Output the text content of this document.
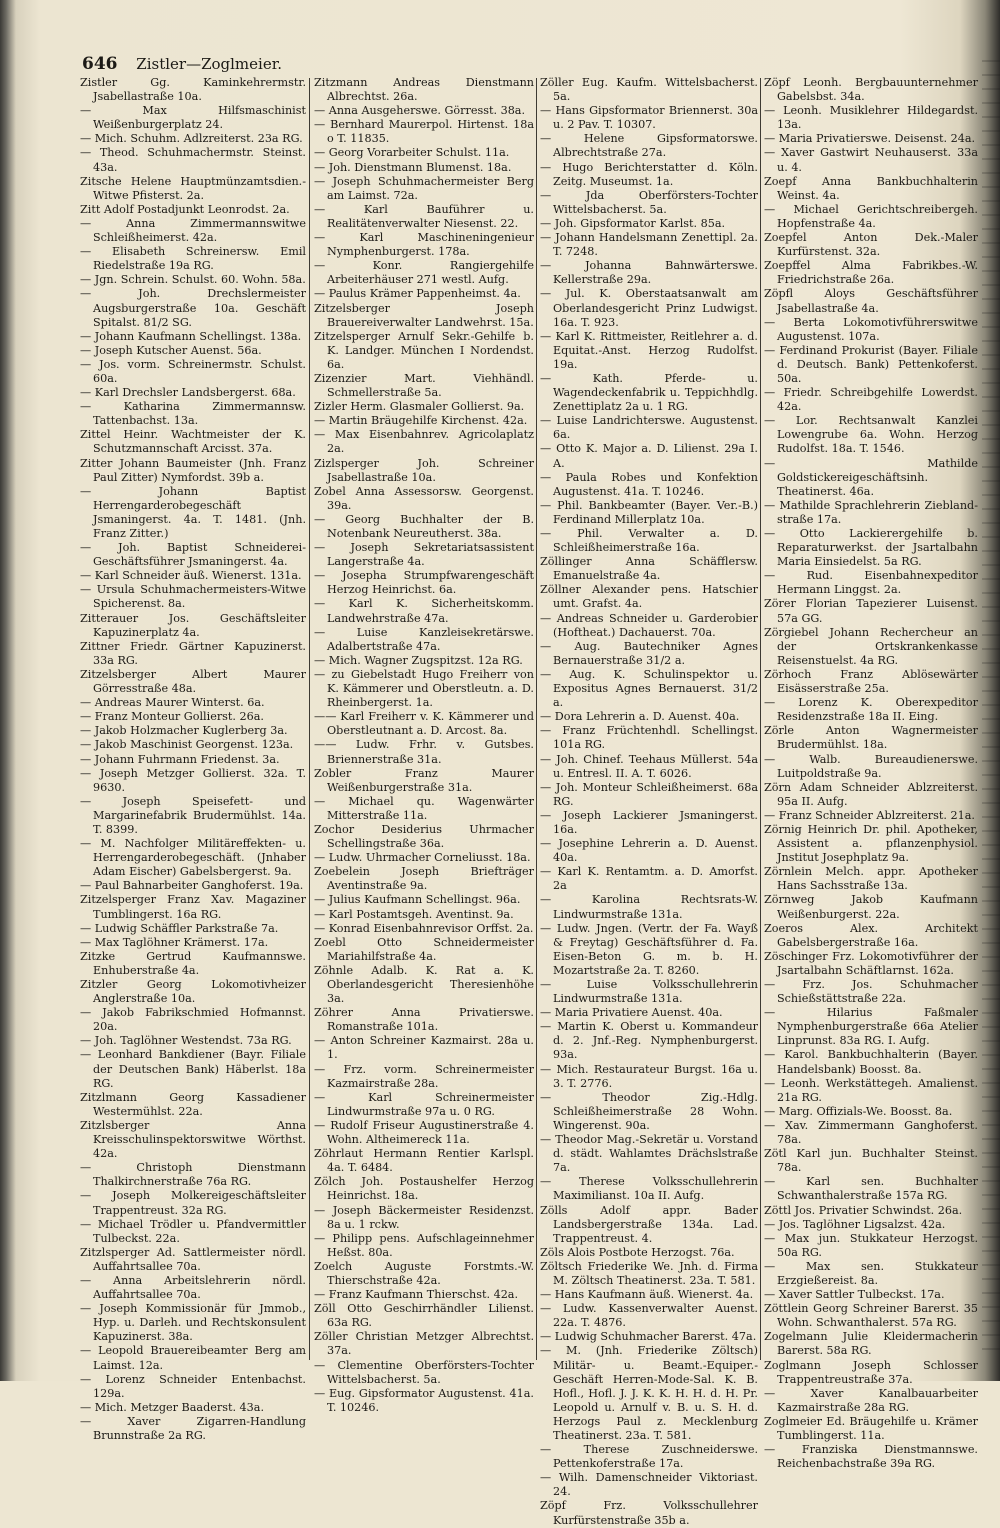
646 Zistler—Zoglmeier.
Zistler Gg. Kaminkehrermstr. Jsabellastraße 10a.
— Max Hilfsmaschinist Weißenburgerplatz 24.
— Mich. Schuhm. Adlzreiterst. 23a RG.
— Theod. Schuhmachermstr. Steinst. 43a.
Zitsche Helene Hauptmünzamtsdien.-Witwe Pfisterst. 2a.
Zitt Adolf Postadjunkt Leonrodst. 2a.
— Anna Zimmermannswitwe Schleißheimerst. 42a.
— Elisabeth Schreinersw. Emil Riedelstraße 19a RG.
— Jgn. Schrein. Schulst. 60. Wohn. 58a.
— Joh. Drechslermeister Augsburgerstraße 10a. Geschäft Spitalst. 81/2 SG.
— Johann Kaufmann Schellingst. 138a.
— Joseph Kutscher Auenst. 56a.
— Jos. vorm. Schreinermstr. Schulst. 60a.
— Karl Drechsler Landsbergerst. 68a.
— Katharina Zimmermannsw. Tattenbachst. 13a.
Zittel Heinr. Wachtmeister der K. Schutzmannschaft Arcisst. 37a.
Zitter Johann Baumeister (Jnh. Franz Paul Zitter) Nymfordst. 39b a.
— Johann Baptist Herrengarderobegeschäft Jsmaningerst. 4a. T. 1481. (Jnh. Franz Zitter.)
— Joh. Baptist Schneiderei-Geschäftsführer Jsmaningerst. 4a.
— Karl Schneider äuß. Wienerst. 131a.
— Ursula Schuhmachermeisters-Witwe Spicherenst. 8a.
Zitterauer Jos. Geschäftsleiter Kapuzinerplatz 4a.
Zittner Friedr. Gärtner Kapuzinerst. 33a RG.
Zitzelsberger Albert Maurer Görresstraße 48a.
— Andreas Maurer Winterst. 6a.
— Franz Monteur Gollierst. 26a.
— Jakob Holzmacher Kuglerberg 3a.
— Jakob Maschinist Georgenst. 123a.
— Johann Fuhrmann Friedenst. 3a.
— Joseph Metzger Gollierst. 32a. T. 9630.
— Joseph Speisefett- und Margarinefabrik Brudermühlst. 14a. T. 8399.
— M. Nachfolger Militäreffekten- u. Herrengarderobegeschäft. (Jnhaber Adam Eischer) Gabelsbergerst. 9a.
— Paul Bahnarbeiter Ganghoferst. 19a.
Zitzelsperger Franz Xav. Magaziner Tumblingerst. 16a RG.
— Ludwig Schäffler Parkstraße 7a.
— Max Taglöhner Krämerst. 17a.
Zitzke Gertrud Kaufmannswe. Enhuberstraße 4a.
Zitzler Georg Lokomotivheizer Anglerstraße 10a.
— Jakob Fabrikschmied Hofmannst. 20a.
— Joh. Taglöhner Westendst. 73a RG.
— Leonhard Bankdiener (Bayr. Filiale der Deutschen Bank) Häberlst. 18a RG.
Zitzlmann Georg Kassadiener Westermühlst. 22a.
Zitzlsberger Anna Kreisschulinspektorswitwe Wörthst. 42a.
— Christoph Dienstmann Thalkirchnerstraße 76a RG.
— Joseph Molkereigeschäftsleiter Trappentreust. 32a RG.
— Michael Trödler u. Pfandvermittler Tulbeckst. 22a.
Zitzlsperger Ad. Sattlermeister nördl. Auffahrtsallee 70a.
— Anna Arbeitslehrerin nördl. Auffahrtsallee 70a.
— Joseph Kommissionär für Jmmob., Hyp. u. Darleh. und Rechtskonsulent Kapuzinerst. 38a.
— Leopold Brauereibeamter Berg am Laimst. 12a.
— Lorenz Schneider Entenbachst. 129a.
— Mich. Metzger Baaderst. 43a.
— Xaver Zigarren-Handlung Brunnstraße 2a RG.
Zitzmann Andreas Dienstmann Albrechtst. 26a.
— Anna Ausgeherswe. Görresst. 38a.
— Bernhard Maurerpol. Hirtenst. 18a o T. 11835.
— Georg Vorarbeiter Schulst. 11a.
— Joh. Dienstmann Blumenst. 18a.
— Joseph Schuhmachermeister Berg am Laimst. 72a.
— Karl Bauführer u. Realitätenverwalter Niesenst. 22.
— Karl Maschineningenieur Nymphenburgerst. 178a.
— Konr. Rangiergehilfe Arbeiterhäuser 271 westl. Aufg.
— Paulus Krämer Pappenheimst. 4a.
Zitzelsberger Joseph Brauereiverwalter Landwehrst. 15a.
Zitzelsperger Arnulf Sekr.-Gehilfe b. K. Landger. München I Nordendst. 6a.
Zizenzier Mart. Viehhändl. Schmellerstraße 5a.
Zizler Herm. Glasmaler Gollierst. 9a.
— Martin Bräugehilfe Kirchenst. 42a.
— Max Eisenbahnrev. Agricolaplatz 2a.
Zizlsperger Joh. Schreiner Jsabellastraße 10a.
Zobel Anna Assessorsw. Georgenst. 39a.
— Georg Buchhalter der B. Notenbank Neureutherst. 38a.
— Joseph Sekretariatsassistent Langerstraße 4a.
— Josepha Strumpfwarengeschäft Herzog Heinrichst. 6a.
— Karl K. Sicherheitskomm. Landwehrstraße 47a.
— Luise Kanzleisekretärswe. Adalbertstraße 47a.
— Mich. Wagner Zugspitzst. 12a RG.
— zu Giebelstadt Hugo Freiherr von K. Kämmerer und Oberstleutn. a. D. Rheinbergerst. 1a.
—— Karl Freiherr v. K. Kämmerer und Oberstleutnant a. D. Arcost. 8a.
—— Ludw. Frhr. v. Gutsbes. Briennerstraße 31a.
Zobler Franz Maurer Weißenburgerstraße 31a.
— Michael qu. Wagenwärter Mitterstraße 11a.
Zochor Desiderius Uhrmacher Schellingstraße 36a.
— Ludw. Uhrmacher Corneliusst. 18a.
Zoebelein Joseph Briefträger Aventinstraße 9a.
— Julius Kaufmann Schellingst. 96a.
— Karl Postamtsgeh. Aventinst. 9a.
— Konrad Eisenbahnrevisor Orffst. 2a.
Zoebl Otto Schneidermeister Mariahilfstraße 4a.
Zöhnle Adalb. K. Rat a. K. Oberlandesgericht Theresienhöhe 3a.
Zöhrer Anna Privatierswe. Romanstraße 101a.
— Anton Schreiner Kazmairst. 28a u. 1.
— Frz. vorm. Schreinermeister Kazmairstraße 28a.
— Karl Schreinermeister Lindwurmstraße 97a u. 0 RG.
— Rudolf Friseur Augustinerstraße 4. Wohn. Altheimereck 11a.
Zöhrlaut Hermann Rentier Karlspl. 4a. T. 6484.
Zölch Joh. Postaushelfer Herzog Heinrichst. 18a.
— Joseph Bäckermeister Residenzst. 8a u. 1 rckw.
— Philipp pens. Aufschlageinnehmer Heßst. 80a.
Zoelch Auguste Forstmts.-W. Thierschstraße 42a.
— Franz Kaufmann Thierschst. 42a.
Zöll Otto Geschirrhändler Lilienst. 63a RG.
Zöller Christian Metzger Albrechtst. 37a.
— Clementine Oberförsters-Tochter Wittelsbacherst. 5a.
— Eug. Gipsformator Augustenst. 41a. T. 10246.
Zöller Eug. Kaufm. Wittelsbacherst. 5a.
— Hans Gipsformator Briennerst. 30a u. 2 Pav. T. 10307.
— Helene Gipsformatorswe. Albrechtstraße 27a.
— Hugo Berichterstatter d. Köln. Zeitg. Museumst. 1a.
— Jda Oberförsters-Tochter Wittelsbacherst. 5a.
— Joh. Gipsformator Karlst. 85a.
— Johann Handelsmann Zenettipl. 2a. T. 7248.
— Johanna Bahnwärterswe. Kellerstraße 29a.
— Jul. K. Oberstaatsanwalt am Oberlandesgericht Prinz Ludwigst. 16a. T. 923.
— Karl K. Rittmeister, Reitlehrer a. d. Equitat.-Anst. Herzog Rudolfst. 19a.
— Kath. Pferde- u. Wagendeckenfabrik u. Teppichhdlg. Zenettiplatz 2a u. 1 RG.
— Luise Landrichterswe. Augustenst. 6a.
— Otto K. Major a. D. Lilienst. 29a I. A.
— Paula Robes und Konfektion Augustenst. 41a. T. 10246.
— Phil. Bankbeamter (Bayer. Ver.-B.) Ferdinand Millerplatz 10a.
— Phil. Verwalter a. D. Schleißheimerstraße 16a.
Zöllinger Anna Schäfflersw. Emanuelstraße 4a.
Zöllner Alexander pens. Hatschier umt. Grafst. 4a.
— Andreas Schneider u. Garderobier (Hoftheat.) Dachauerst. 70a.
— Aug. Bautechniker Agnes Bernauerstraße 31/2 a.
— Aug. K. Schulinspektor u. Expositus Agnes Bernauerst. 31/2 a.
— Dora Lehrerin a. D. Auenst. 40a.
— Franz Früchtenhdl. Schellingst. 101a RG.
— Joh. Chinef. Teehaus Müllerst. 54a u. Entresl. II. A. T. 6026.
— Joh. Monteur Schleißheimerst. 68a RG.
— Joseph Lackierer Jsmaningerst. 16a.
— Josephine Lehrerin a. D. Auenst. 40a.
— Karl K. Rentamtm. a. D. Amorfst. 2a
— Karolina Rechtsrats-W. Lindwurmstraße 131a.
— Ludw. Jngen. (Vertr. der Fa. Wayß & Freytag) Geschäftsführer d. Fa. Eisen-Beton G. m. b. H. Mozartstraße 2a. T. 8260.
— Luise Volksschullehrerin Lindwurmstraße 131a.
— Maria Privatiere Auenst. 40a.
— Martin K. Oberst u. Kommandeur d. 2. Jnf.-Reg. Nymphenburgerst. 93a.
— Mich. Restaurateur Burgst. 16a u. 3. T. 2776.
— Theodor Zig.-Hdlg. Schleißheimerstraße 28 Wohn. Wingerenst. 90a.
— Theodor Mag.-Sekretär u. Vorstand d. städt. Wahlamtes Drächslstraße 7a.
— Therese Volksschullehrerin Maximilianst. 10a II. Aufg.
Zölls Adolf appr. Bader Landsbergerstraße 134a. Lad. Trappentreust. 4.
Zöls Alois Postbote Herzogst. 76a.
Zöltsch Friederike We. Jnh. d. Firma M. Zöltsch Theatinerst. 23a. T. 581.
— Hans Kaufmann äuß. Wienerst. 4a.
— Ludw. Kassenverwalter Auenst. 22a. T. 4876.
— Ludwig Schuhmacher Barerst. 47a.
— M. (Jnh. Friederike Zöltsch) Militär- u. Beamt.-Equiper.-Geschäft Herren-Mode-Sal. K. B. Hofl., Hofl. J. J. K. K. H. H. d. H. Pr. Leopold u. Arnulf v. B. u. S. H. d. Herzogs Paul z. Mecklenburg Theatinerst. 23a. T. 581.
— Therese Zuschneiderswe. Pettenkoferstraße 17a.
— Wilh. Damenschneider Viktoriast. 24.
Zöpf Frz. Volksschullehrer Kurfürstenstraße 35b a.
Zöpf Leonh. Bergbauunternehmer Gabelsbst. 34a.
— Leonh. Musiklehrer Hildegardst. 13a.
— Maria Privatierswe. Deisenst. 24a.
— Xaver Gastwirt Neuhauserst. 33a u. 4.
Zoepf Anna Bankbuchhalterin Weinst. 4a.
— Michael Gerichtschreibergeh. Hopfenstraße 4a.
Zoepfel Anton Dek.-Maler Kurfürstenst. 32a.
Zoepffel Alma Fabrikbes.-W. Friedrichstraße 26a.
Zöpfl Aloys Geschäftsführer Jsabellastraße 4a.
— Berta Lokomotivführerswitwe Augustenst. 107a.
— Ferdinand Prokurist (Bayer. Filiale d. Deutsch. Bank) Pettenkoferst. 50a.
— Friedr. Schreibgehilfe Lowerdst. 42a.
— Lor. Rechtsanwalt Kanzlei Lowengrube 6a. Wohn. Herzog Rudolfst. 18a. T. 1546.
— Mathilde Goldstickereigeschäftsinh. Theatinerst. 46a.
— Mathilde Sprachlehrerin Ziebland-straße 17a.
— Otto Lackierergehilfe b. Reparaturwerkst. der Jsartalbahn Maria Einsiedelst. 5a RG.
— Rud. Eisenbahnexpeditor Hermann Linggst. 2a.
Zörer Florian Tapezierer Luisenst. 57a GG.
Zörgiebel Johann Rechercheur an der Ortskrankenkasse Reisenstuelst. 4a RG.
Zörhoch Franz Ablösewärter Eisässerstraße 25a.
— Lorenz K. Oberexpeditor Residenzstraße 18a II. Eing.
Zörle Anton Wagnermeister Brudermühlst. 18a.
— Walb. Bureaudienerswe. Luitpoldstraße 9a.
Zörn Adam Schneider Ablzreiterst. 95a II. Aufg.
— Franz Schneider Ablzreiterst. 21a.
Zörnig Heinrich Dr. phil. Apotheker, Assistent a. pflanzenphysiol. Jnstitut Josephplatz 9a.
Zörnlein Melch. appr. Apotheker Hans Sachsstraße 13a.
Zörnweg Jakob Kaufmann Weißenburgerst. 22a.
Zoeros Alex. Architekt Gabelsbergerstraße 16a.
Zöschinger Frz. Lokomotivführer der Jsartalbahn Schäftlarnst. 162a.
— Frz. Jos. Schuhmacher Schießstättstraße 22a.
— Hilarius Faßmaler Nymphenburgerstraße 66a Atelier Linprunst. 83a RG. I. Aufg.
— Karol. Bankbuchhalterin (Bayer. Handelsbank) Boosst. 8a.
— Leonh. Werkstättegeh. Amalienst. 21a RG.
— Marg. Offizials-We. Boosst. 8a.
— Xav. Zimmermann Ganghoferst. 78a.
Zötl Karl jun. Buchhalter Steinst. 78a.
— Karl sen. Buchhalter Schwanthalerstraße 157a RG.
Zöttl Jos. Privatier Schwindst. 26a.
— Jos. Taglöhner Ligsalzst. 42a.
— Max jun. Stukkateur Herzogst. 50a RG.
— Max sen. Stukkateur Erzgießereist. 8a.
— Xaver Sattler Tulbeckst. 17a.
Zöttlein Georg Schreiner Barerst. 35 Wohn. Schwanthalerst. 57a RG.
Zogelmann Julie Kleidermacherin Barerst. 58a RG.
Zoglmann Joseph Schlosser Trappentreustraße 37a.
— Xaver Kanalbauarbeiter Kazmairstraße 28a RG.
Zoglmeier Ed. Bräugehilfe u. Krämer Tumblingerst. 11a.
— Franziska Dienstmannswe. Reichenbachstraße 39a RG.
